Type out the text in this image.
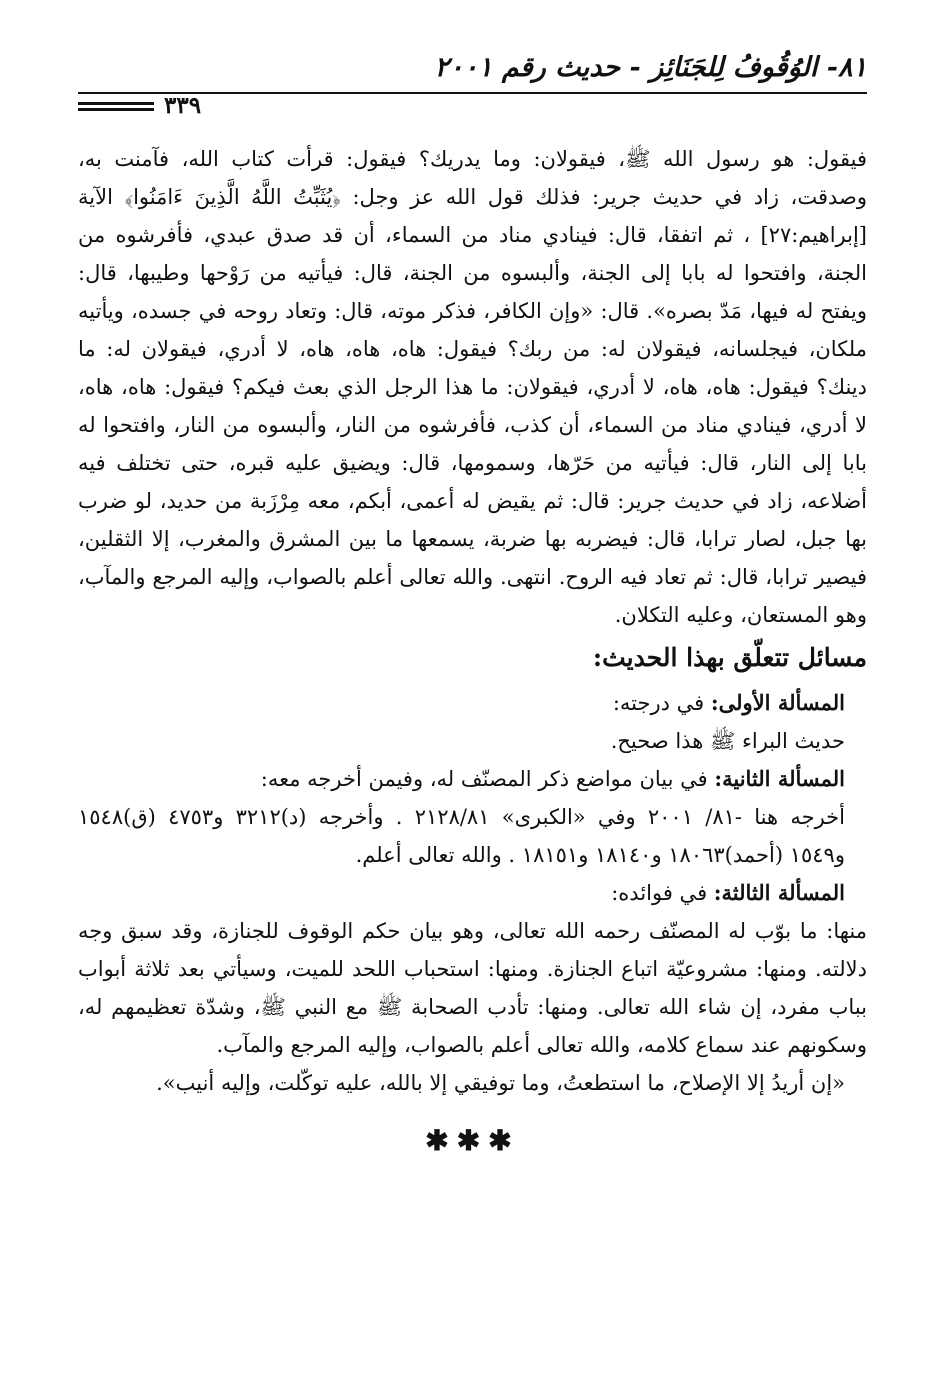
٨١- الوُقُوفُ لِلجَنَائِز - حديث رقم ٢٠٠١
٣٣٩

فيقول: هو رسول الله ﷺ، فيقولان: وما يدريك؟ فيقول: قرأت كتاب الله، فآمنت به، وصدقت، زاد في حديث جرير: فذلك قول الله عز وجل: ﴿يُثَبِّتُ اللَّهُ الَّذِينَ ءَامَنُوا﴾ الآية [إبراهيم:٢٧] ، ثم اتفقا، قال: فينادي مناد من السماء، أن قد صدق عبدي، فأفرشوه من الجنة، وافتحوا له بابا إلى الجنة، وألبسوه من الجنة، قال: فيأتيه من رَوْحها وطيبها، قال: ويفتح له فيها، مَدّ بصره». قال: «وإن الكافر، فذكر موته، قال: وتعاد روحه في جسده، ويأتيه ملكان، فيجلسانه، فيقولان له: من ربك؟ فيقول: هاه، هاه، هاه، لا أدري، فيقولان له: ما دينك؟ فيقول: هاه، هاه، لا أدري، فيقولان: ما هذا الرجل الذي بعث فيكم؟ فيقول: هاه، هاه، لا أدري، فينادي مناد من السماء، أن كذب، فأفرشوه من النار، وألبسوه من النار، وافتحوا له بابا إلى النار، قال: فيأتيه من حَرّها، وسمومها، قال: ويضيق عليه قبره، حتى تختلف فيه أضلاعه، زاد في حديث جرير: قال: ثم يقيض له أعمى، أبكم، معه مِرْزَبة من حديد، لو ضرب بها جبل، لصار ترابا، قال: فيضربه بها ضربة، يسمعها ما بين المشرق والمغرب، إلا الثقلين، فيصير ترابا، قال: ثم تعاد فيه الروح. انتهى. والله تعالى أعلم بالصواب، وإليه المرجع والمآب، وهو المستعان، وعليه التكلان.

مسائل تتعلّق بهذا الحديث:

المسألة الأولى: في درجته:

حديث البراء ﷺ هذا صحيح.

المسألة الثانية: في بيان مواضع ذكر المصنّف له، وفيمن أخرجه معه:

أخرجه هنا -٨١/ ٢٠٠١ وفي «الكبرى» ٢١٢٨/٨١ . وأخرجه (د)٣٢١٢ و٤٧٥٣ (ق)١٥٤٨ و١٥٤٩ (أحمد)١٨٠٦٣ و١٨١٤٠ و١٨١٥١ . والله تعالى أعلم.

المسألة الثالثة: في فوائده:

منها: ما بوّب له المصنّف رحمه الله تعالى، وهو بيان حكم الوقوف للجنازة، وقد سبق وجه دلالته. ومنها: مشروعيّة اتباع الجنازة. ومنها: استحباب اللحد للميت، وسيأتي بعد ثلاثة أبواب بباب مفرد، إن شاء الله تعالى. ومنها: تأدب الصحابة ﷺ مع النبي ﷺ، وشدّة تعظيمهم له، وسكونهم عند سماع كلامه، والله تعالى أعلم بالصواب، وإليه المرجع والمآب.

«إن أريدُ إلا الإصلاح، ما استطعتُ، وما توفيقي إلا بالله، عليه توكّلت، وإليه أنيب».

✱✱✱
